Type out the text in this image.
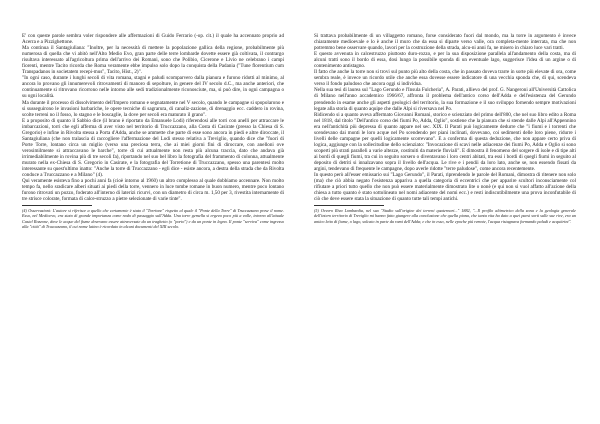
E' con queste parole sembra voler rispondere alle affermazioni di Guido Ferrario (-op. cit.) il quale ha accennato proprio ad Acerra e a Pizzighettone.

Ma continua il Santagiuliana: "Inoltre, per la necessità di mettere la popolazione gallica della regione, probabilmente più numerosa di quella che vi abitò nell'Alto Medio Evo, gran parte delle terre lombarde dovette essere già coltivata, il contrargo risultava interessato all'agricoltura prima dell'arrivo dei Romani, sono che Polibio, Cicerone e Livio ne celebrano i campi fiorenti, mentre Tacito ricorda che Roma veramente ebbe impulso solo dopo la conquista della Padania ("Tune florentium cum Transpadanos in societatem recepi-mus", Tacito, Hist., 2)".

"In ogni caso, durante i lunghi secoli di vita romana, stagni e paludi scomparvero dalla pianura e furono ridotti al minimo, al ancora lo provano gli innumerevoli ritrovamenti di manoro di sepolture, in genere del IV secolo d.C., ma anche anteriori, che continuamente si ritrovano ricorrono nelle intorno alle sedi tradizionalmente riconosciute, ma, si può dire, in ogni campagna o su ogni località.

Ma durante il processo di dissolvimento dell'Impero romano e segnatamente nel V secolo, quando le campagne si spopolarono e si susseguirono le invasioni barbariche, le opere tecniche di sagrarura, di canaliz-zazione, di drenaggio ecc. caddero in rovina, scolte terreni no il fosso, lo stagno e le boscaglie, la dove per secoli era maturato il grano".

E a proposito di quanto il Sabbio dice (il brano è riportato da Emanuele Lodi) riferendosi alle torri con anelli per attraccare le imbarcazioni, torri che egli afferma di aver visto nel territorio di Truccazzano, alla Costa di Casirate (presso la Chiesa di S. Gregorio) e infine in Rivolta stessa a Porta d'Adda, anche se ammette che parte di esse sono ancora in piedi e altre diroccate, il Santagiuliana (che non tralascia di raccogliere l'affermazione del Lodi stesso relativa a Treviglio, quando dice che "fuori di Porte Torre, lontano circa un miglio (verso una preciosa terra, che ai miei giorni fini di diroccare, con anelloni ove verosimilmente si attraccavano le barche", torre di cui attualmente non resta più alcuna traccia, dato che andava già irrimediabilmente in rovina più di tre secoli fa), riportando nel suo bel libro la fotografia del frammento di colonna, attualmente murato nella ex-Chiesa di S. Gregorio in Casirate, e la fotografia del Torretione di Truccazzano, spesso una parentesi molto interessante su quest'ultimo inatto: "Anche la torre di Truccazzano - egli dice - esiste ancora, a destra della strada che da Rivolta conduce a Truccazzano e a Milano" (4).

Qui veramente esisteva fino a pochi anni fa (cioè intorno al 1960) un altro complesso al quale dobbiamo accennare. Non molto tempo fa, nello sradicare alberi situati ai piedi della torre, vennero in luce tombe romane in buon numero, mentre poco lontano furono ritrovati un pozzo, foderato all'interno di laterizi ricurvi, con un diametro di circa m. 1,50 per 3, rivestita internamente di tre strisce colorate, formata di calce-struzzo a pietre selezionate di varie tinte".

(4) Osservazioni: L'autore si riferisce a quello che certamente è stato il "Torrione" rispetto al quale il "Ponte della Torre" di Truccazzano prese il nome. Esso, nel Medioevo, era stato di grande importanza come nodo di passaggio sull'Adda. Una torre gemella si ergeva poco più a valle, intorno all'attuale Castel Rozzone, dove le acque del fiume dovevano essere attraversate da un traghetto (o "porto") e da un ponte in legno. Il ponte "serviva" come ingresso alla "città" di Truccazzano, il cui nome latino è ricordato in alcuni documenti del XIII secolo.

Si trattava probabilmente di un villaggetto romano, forse considerato fuori dal mondo, ma la torre in argomento è invece chiaramente medioevale e lo è anche il muro che da essa si diparte verso valle, ora completa-mente interrata, ma che non potremmo bene osservare quando, lavori per la costruzione della strada, alcu-ni anni fa, ne misero in chiaro luce vari tratti.

E questo avvenuta in calcestruzzo piuttosto duro-rozzo, e per la sua disposizione parallela all'andamento della costa, ma di alcuni tratti sono il bordo di essa, dosi lungo la possibile sponda di un eventuale lago, suggerisce l'idea di un argine o di contenimento antistagno.

Il fatto che anche la torre non si trovi sul punto più alto della costa, che in passato doveva trarre in sorte più elevate di ora, come sembra reale, è invece un ricordo utile che anche essa dovesse essere indicatore di una vecchia sponda che, di qui, scendeva verso il fondo paludoso che ancora oggi si individua.

Nella sua tesi di laurea sul "Lago Gerundo e l'Insula Fulcheria", A. Parati, allievo del prof. G. Nangeroni all'Università Cattolica di Milano nell'anno accademico 1966/67, affronta il problema dell'antico corso dell'Adda e dell'esistenza del Gerundo prendendo in esame anche gli aspetti geologici del territorio, la sua formazione e il suo sviluppo fornendo sempre motivazioni legate alla storia di quanto aquipe che dalle Alpi si riversava nel Po.

Ridicendo si a quanto aveva affermato Giovanni Romani, storico e scienziato del primo dell'800, che nel suo libro edito a Roma nel 1818, dal titolo "Dell'antico corso dei fiumi Po, Adda, Oglio", sostiene che la pianura che si stende dalle Alpi all'Appennino era nell'antichità più depressa di quanto appare nel sec. XIX. Il Parati può logicamente dedurre che "i fiumi e i torrenti che scendevano dai monti le loro acque nel Po scendendo per piani inclinati, dovevano, coi sedimenti delle loro piene, ridurre i livelli delle campagne per quelli logicamente scorrevano". E a conferma di questa deduzione, che non appare certo priva di logica, aggiunge con la sollecitudine dello scienziato: "Invocazione di scavi nelle adiacenze dei fiumi Po, Adda e Oglio si sono scoperti più strati paralleli a varie altezze, costituiti da materie fluviali". E dimostra il fenomeno del sorgere di isole e di tipe alti ai bordi di quegli fiumi, tra cui in seguito sorsero o diventavano i loro centri abitati, tra essi i bordi di quegli fiumi in seguito al deposito di detriti si innalzavano sopra il livello dell'acqua. Le rive e i pendii da loro lato, anche se, non essendo fissati da argini, tendevano di frequente le campagne, dopo averle ridotte "terre paludose", come ancora recentemente.

In questo però all'esser emissario sui "Lago Gerundo", il Parati, riprendendo le parole del Romani, dimostra di ritenere non solo (ma) che ciò abbia negato l'esistenza appariva a quella categoria di eccentrici che per apparire scultori inconsciamente col rifiutare a priori tutto quello che non può essere materialmente dimostrato lite o nonè (e qui non si vuol affatto all'azione della chiesa a tutto quanto è stato sottolineato nel nomi adiacente del nomi ecc.) e resti indiscutibilmente una prova inconfutabile di ciò che deve essere stata la situazione di quanto tutte tali tempi antichi.

(5) Ovvero Riva Lombardia, nel suo "Studio sull'origine dei terreni quaternari..." 1882, "...Il profilo altimetrico della zona e la geologia generale dell'intero territorio di Treviglio mi hanno fatto giungere alla conclusione che quella piana, che tanta vita ha dato a quei paesi sorti sulle sue rive, era un antico letto di fiume, o lago, solcato in parte da rami dell'Adda; e che in esso, nelle epoche più remote, l'acqua ristagnava formando paludi e acquitrini".
